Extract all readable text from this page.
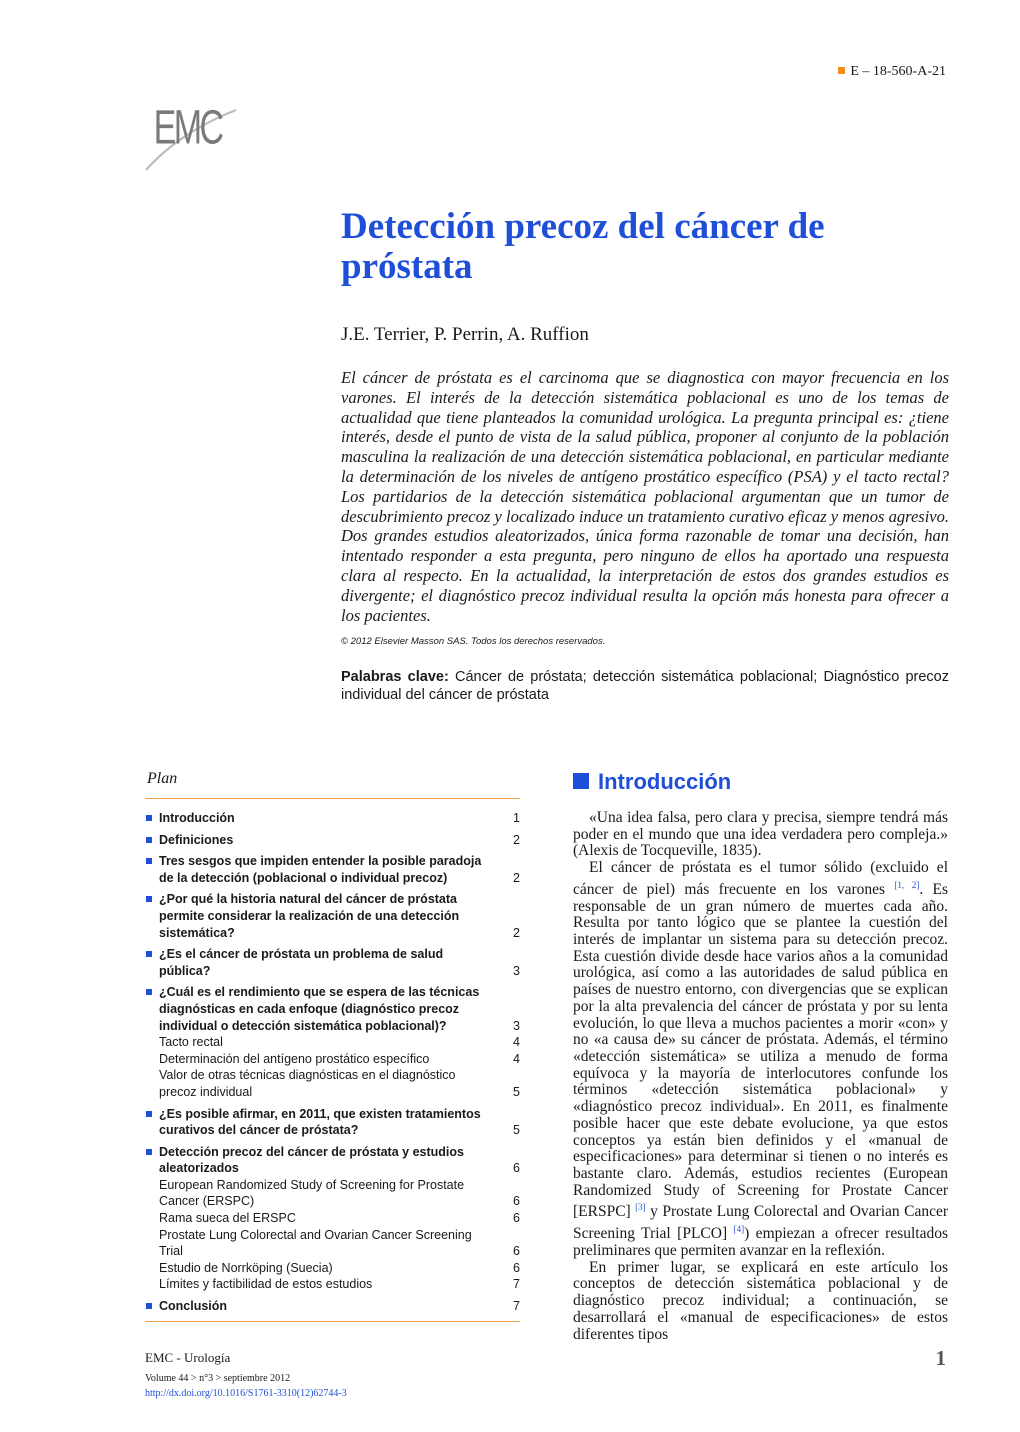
E – 18-560-A-21
EMC
Detección precoz del cáncer de próstata
J.E. Terrier, P. Perrin, A. Ruffion

El cáncer de próstata es el carcinoma que se diagnostica con mayor frecuencia en los varones. El interés de la detección sistemática poblacional es uno de los temas de actualidad que tiene planteados la comunidad urológica. La pregunta principal es: ¿tiene interés, desde el punto de vista de la salud pública, proponer al conjunto de la población masculina la realización de una detección sistemática poblacional, en particular mediante la determinación de los niveles de antígeno prostático específico (PSA) y el tacto rectal? Los partidarios de la detección sistemática poblacional argumentan que un tumor de descubrimiento precoz y localizado induce un tratamiento curativo eficaz y menos agresivo. Dos grandes estudios aleatorizados, única forma razonable de tomar una decisión, han intentado responder a esta pregunta, pero ninguno de ellos ha aportado una respuesta clara al respecto. En la actualidad, la interpretación de estos dos grandes estudios es divergente; el diagnóstico precoz individual resulta la opción más honesta para ofrecer a los pacientes.

© 2012 Elsevier Masson SAS. Todos los derechos reservados.

Palabras clave: Cáncer de próstata; detección sistemática poblacional; Diagnóstico precoz individual del cáncer de próstata

Plan
Introducción	1
Definiciones	2
Tres sesgos que impiden entender la posible paradoja de la detección (poblacional o individual precoz)	2
¿Por qué la historia natural del cáncer de próstata permite considerar la realización de una detección sistemática?	2
¿Es el cáncer de próstata un problema de salud pública?	3
¿Cuál es el rendimiento que se espera de las técnicas diagnósticas en cada enfoque (diagnóstico precoz individual o detección sistemática poblacional)?	3
Tacto rectal	4
Determinación del antígeno prostático específico	4
Valor de otras técnicas diagnósticas en el diagnóstico precoz individual	5
¿Es posible afirmar, en 2011, que existen tratamientos curativos del cáncer de próstata?	5
Detección precoz del cáncer de próstata y estudios aleatorizados	6
European Randomized Study of Screening for Prostate Cancer (ERSPC)	6
Rama sueca del ERSPC	6
Prostate Lung Colorectal and Ovarian Cancer Screening Trial	6
Estudio de Norrköping (Suecia)	6
Límites y factibilidad de estos estudios	7
Conclusión	7
Introducción

«Una idea falsa, pero clara y precisa, siempre tendrá más poder en el mundo que una idea verdadera pero compleja.» (Alexis de Tocqueville, 1835).

El cáncer de próstata es el tumor sólido (excluido el cáncer de piel) más frecuente en los varones [1, 2]. Es responsable de un gran número de muertes cada año. Resulta por tanto lógico que se plantee la cuestión del interés de implantar un sistema para su detección precoz. Esta cuestión divide desde hace varios años a la comunidad urológica, así como a las autoridades de salud pública en países de nuestro entorno, con divergencias que se explican por la alta prevalencia del cáncer de próstata y por su lenta evolución, lo que lleva a muchos pacientes a morir «con» y no «a causa de» su cáncer de próstata. Además, el término «detección sistemática» se utiliza a menudo de forma equívoca y la mayoría de interlocutores confunde los términos «detección sistemática poblacional» y «diagnóstico precoz individual». En 2011, es finalmente posible hacer que este debate evolucione, ya que estos conceptos ya están bien definidos y el «manual de especificaciones» para determinar si tienen o no interés es bastante claro. Además, estudios recientes (European Randomized Study of Screening for Prostate Cancer [ERSPC] [3] y Prostate Lung Colorectal and Ovarian Cancer Screening Trial [PLCO] [4]) empiezan a ofrecer resultados preliminares que permiten avanzar en la reflexión.

En primer lugar, se explicará en este artículo los conceptos de detección sistemática poblacional y de diagnóstico precoz individual; a continuación, se desarrollará el «manual de especificaciones» de estos diferentes tipos

EMC - Urología
Volume 44 > n°3 > septiembre 2012
http://dx.doi.org/10.1016/S1761-3310(12)62744-3
1
